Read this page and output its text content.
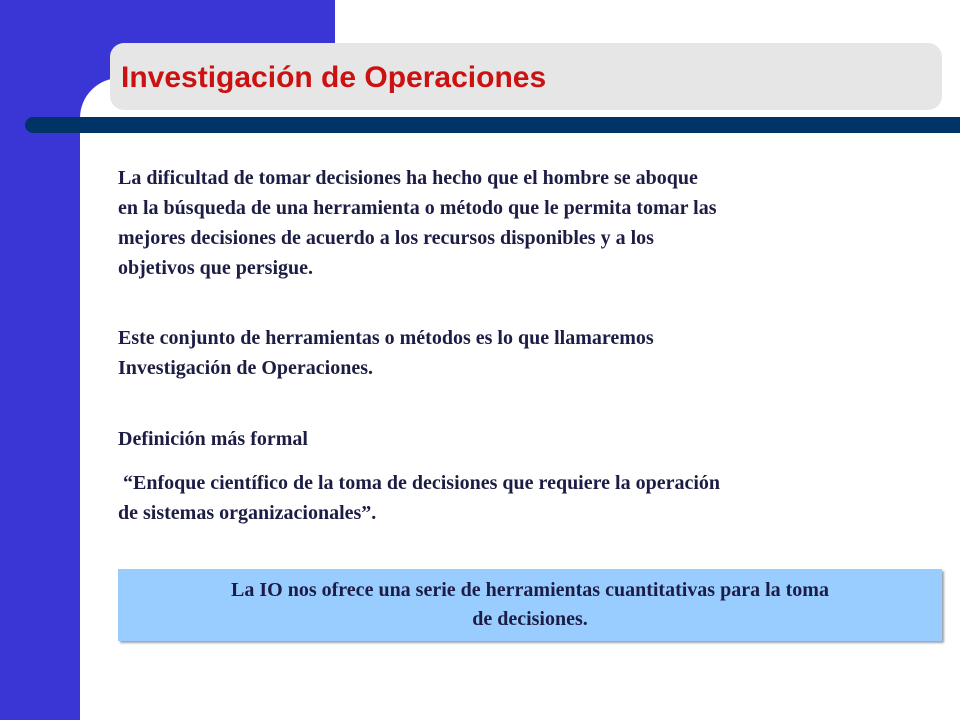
Investigación de Operaciones

La dificultad de tomar decisiones ha hecho que el hombre se aboque
en la búsqueda de una herramienta o método que le permita tomar las
mejores decisiones de acuerdo a los recursos disponibles y a los
objetivos que persigue.

Este conjunto de herramientas o métodos es lo que llamaremos
Investigación de Operaciones.

Definición más formal

“Enfoque científico de la toma de decisiones que requiere la operación
de sistemas organizacionales”.

La IO nos ofrece una serie de herramientas cuantitativas para la toma
de decisiones.
